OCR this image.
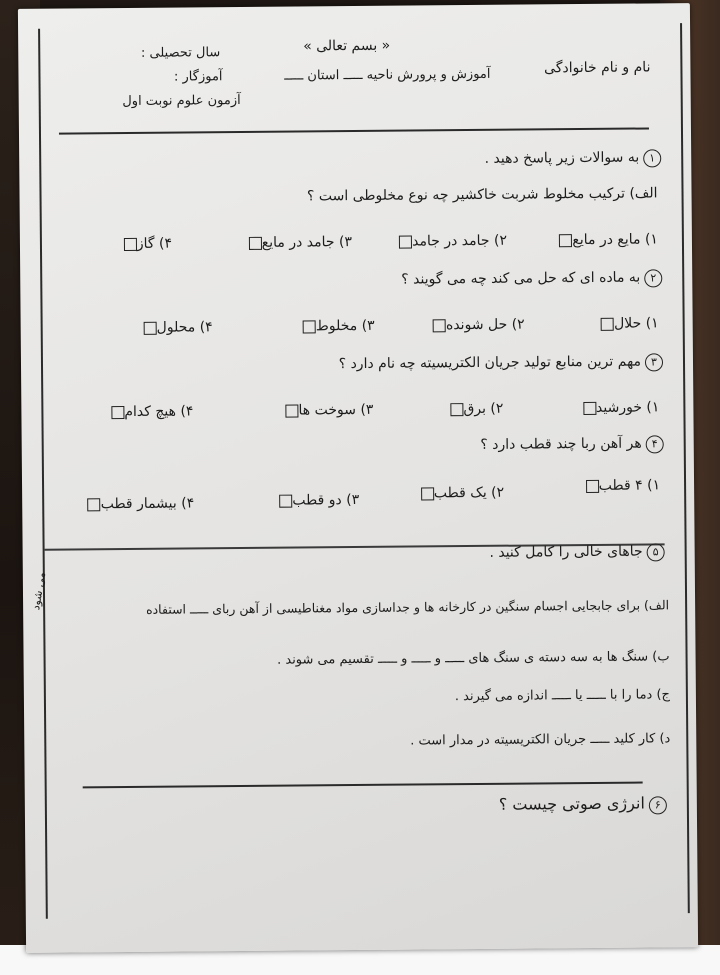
« بسم تعالی »
نام و نام خانوادگی
آموزش و پرورش ناحیه ـــــ استان ـــــ
سال تحصیلی :
آموزگار :
آزمون علوم نوبت اول
۱به سوالات زیر پاسخ دهید .
الف) ترکیب مخلوط شربت خاکشیر چه نوع مخلوطی است ؟
۱) مایع در مایع
۲) جامد در جامد
۳) جامد در مایع
۴) گاز
۲به ماده ای که حل می کند چه می گویند ؟
۱) حلال
۲) حل شونده
۳) مخلوط
۴) محلول
۳مهم ترین منابع تولید جریان الکتریسیته چه نام دارد ؟
۱) خورشید
۲) برق
۳) سوخت ها
۴) هیچ کدام
۴هر آهن ربا چند قطب دارد ؟
۱) ۴ قطب
۲) یک قطب
۳) دو قطب
۴) بیشمار قطب
۵جاهای خالی را کامل کنید .
الف) برای جابجایی اجسام سنگین در کارخانه ها و جداسازی مواد مغناطیسی از آهن ربای ـــــ استفاده
می شود
ب) سنگ ها به سه دسته ی سنگ های ـــــ و ـــــ و ـــــ تقسیم می شوند .
ج) دما را با ـــــ یا ـــــ اندازه می گیرند .
د) کار کلید ـــــ جریان الکتریسیته در مدار است .
۶انرژی صوتی چیست ؟
